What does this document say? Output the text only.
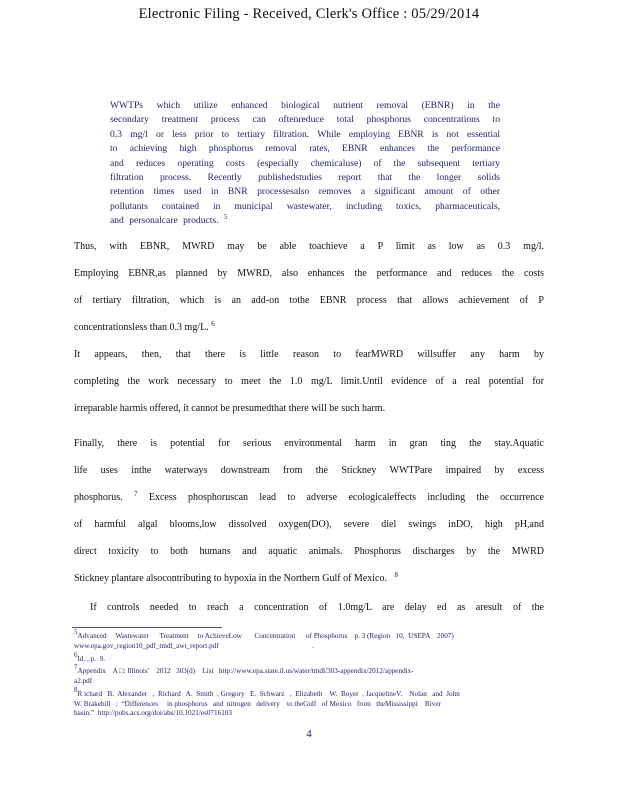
Electronic Filing - Received, Clerk's Office : 05/29/2014
WWTPs which utilize enhanced biological nutrient removal (EBNR) in the
secondary treatment process can oftenreduce total phosphorus concentrations to
0.3 mg/l or less prior to tertiary filtration. While employing EBNR is not essential
to achieving high phosphorus removal rates, EBNR enhances the performance
and reduces operating costs (especially chemicaluse) of the subsequent tertiary
filtration process. Recently publishedstudies report that the longer solids
retention times used in BNR processesalso removes a significant amount of other
pollutants contained in municipal wastewater, including toxics, pharmaceuticals,
and personalcare products. $^5$
Thus, with EBNR, MWRD may be able toachieve a P limit as low as 0.3 mg/l.
Employing EBNR,as planned by MWRD, also enhances the performance and reduces the costs
of tertiary filtration, which is an add-on tothe EBNR process that allows achievement of P
concentrationsless than 0.3 mg/L. $^6$
It appears, then, that there is little reason to fearMWRD willsuffer any harm by
completing the work necessary to meet the 1.0 mg/L limit.Until evidence of a real potential for
irreparable harmis offered, it cannot be presumedthat there will be such harm.
Finally, there is potential for serious environmental harm in gran ting the stay.Aquatic
life uses inthe waterways downstream from the Stickney WWTPare impaired by excess
phosphorus. $^7$ Excess phosphoruscan lead to adverse ecologicaleffects including the occurrence
of harmful algal blooms,low dissolved oxygen(DO), severe diel swings inDO, high pH,and
direct toxicity to both humans and aquatic animals. Phosphorus discharges by the MWRD
Stickney plantare alsocontributing to hypoxia in the Northern Gulf of Mexico. $^8$
If controls needed to reach a concentration of 1.0mg/L are delay ed as aresult of the
$^5$Advanced     Wastewater      Treatment     to AchieveLow       Concentration      of Phosphorus    p. 3 (Region   10,  USEPA    2007)
www.epa.gov_region10_pdf_tmdl_awt_report.pdf                                                    .
$^6$Id. , p.  9.
$^7$Appendix    A □: Illinois'    2012   303(d)    List   http://www.epa.state.il.us/water/tmdl/303-appendix/2012/appendix-
a2.pdf
$^8$R ichard   B.  Alexander   ,  Richard   A.  Smith  , Gregory   E.  Schwarz   ,  Elizabeth    W.  Boyer  , JacquelineV.    Nolan   and  John
W. Brakebill   ;  “Differences     in phosphorus   and  nitrogen   delivery    to theGulf   of Mexico   from   theMississippi    River
basin.”  http://pubs.acs.org/doi/abs/10.1021/es0716103
4
